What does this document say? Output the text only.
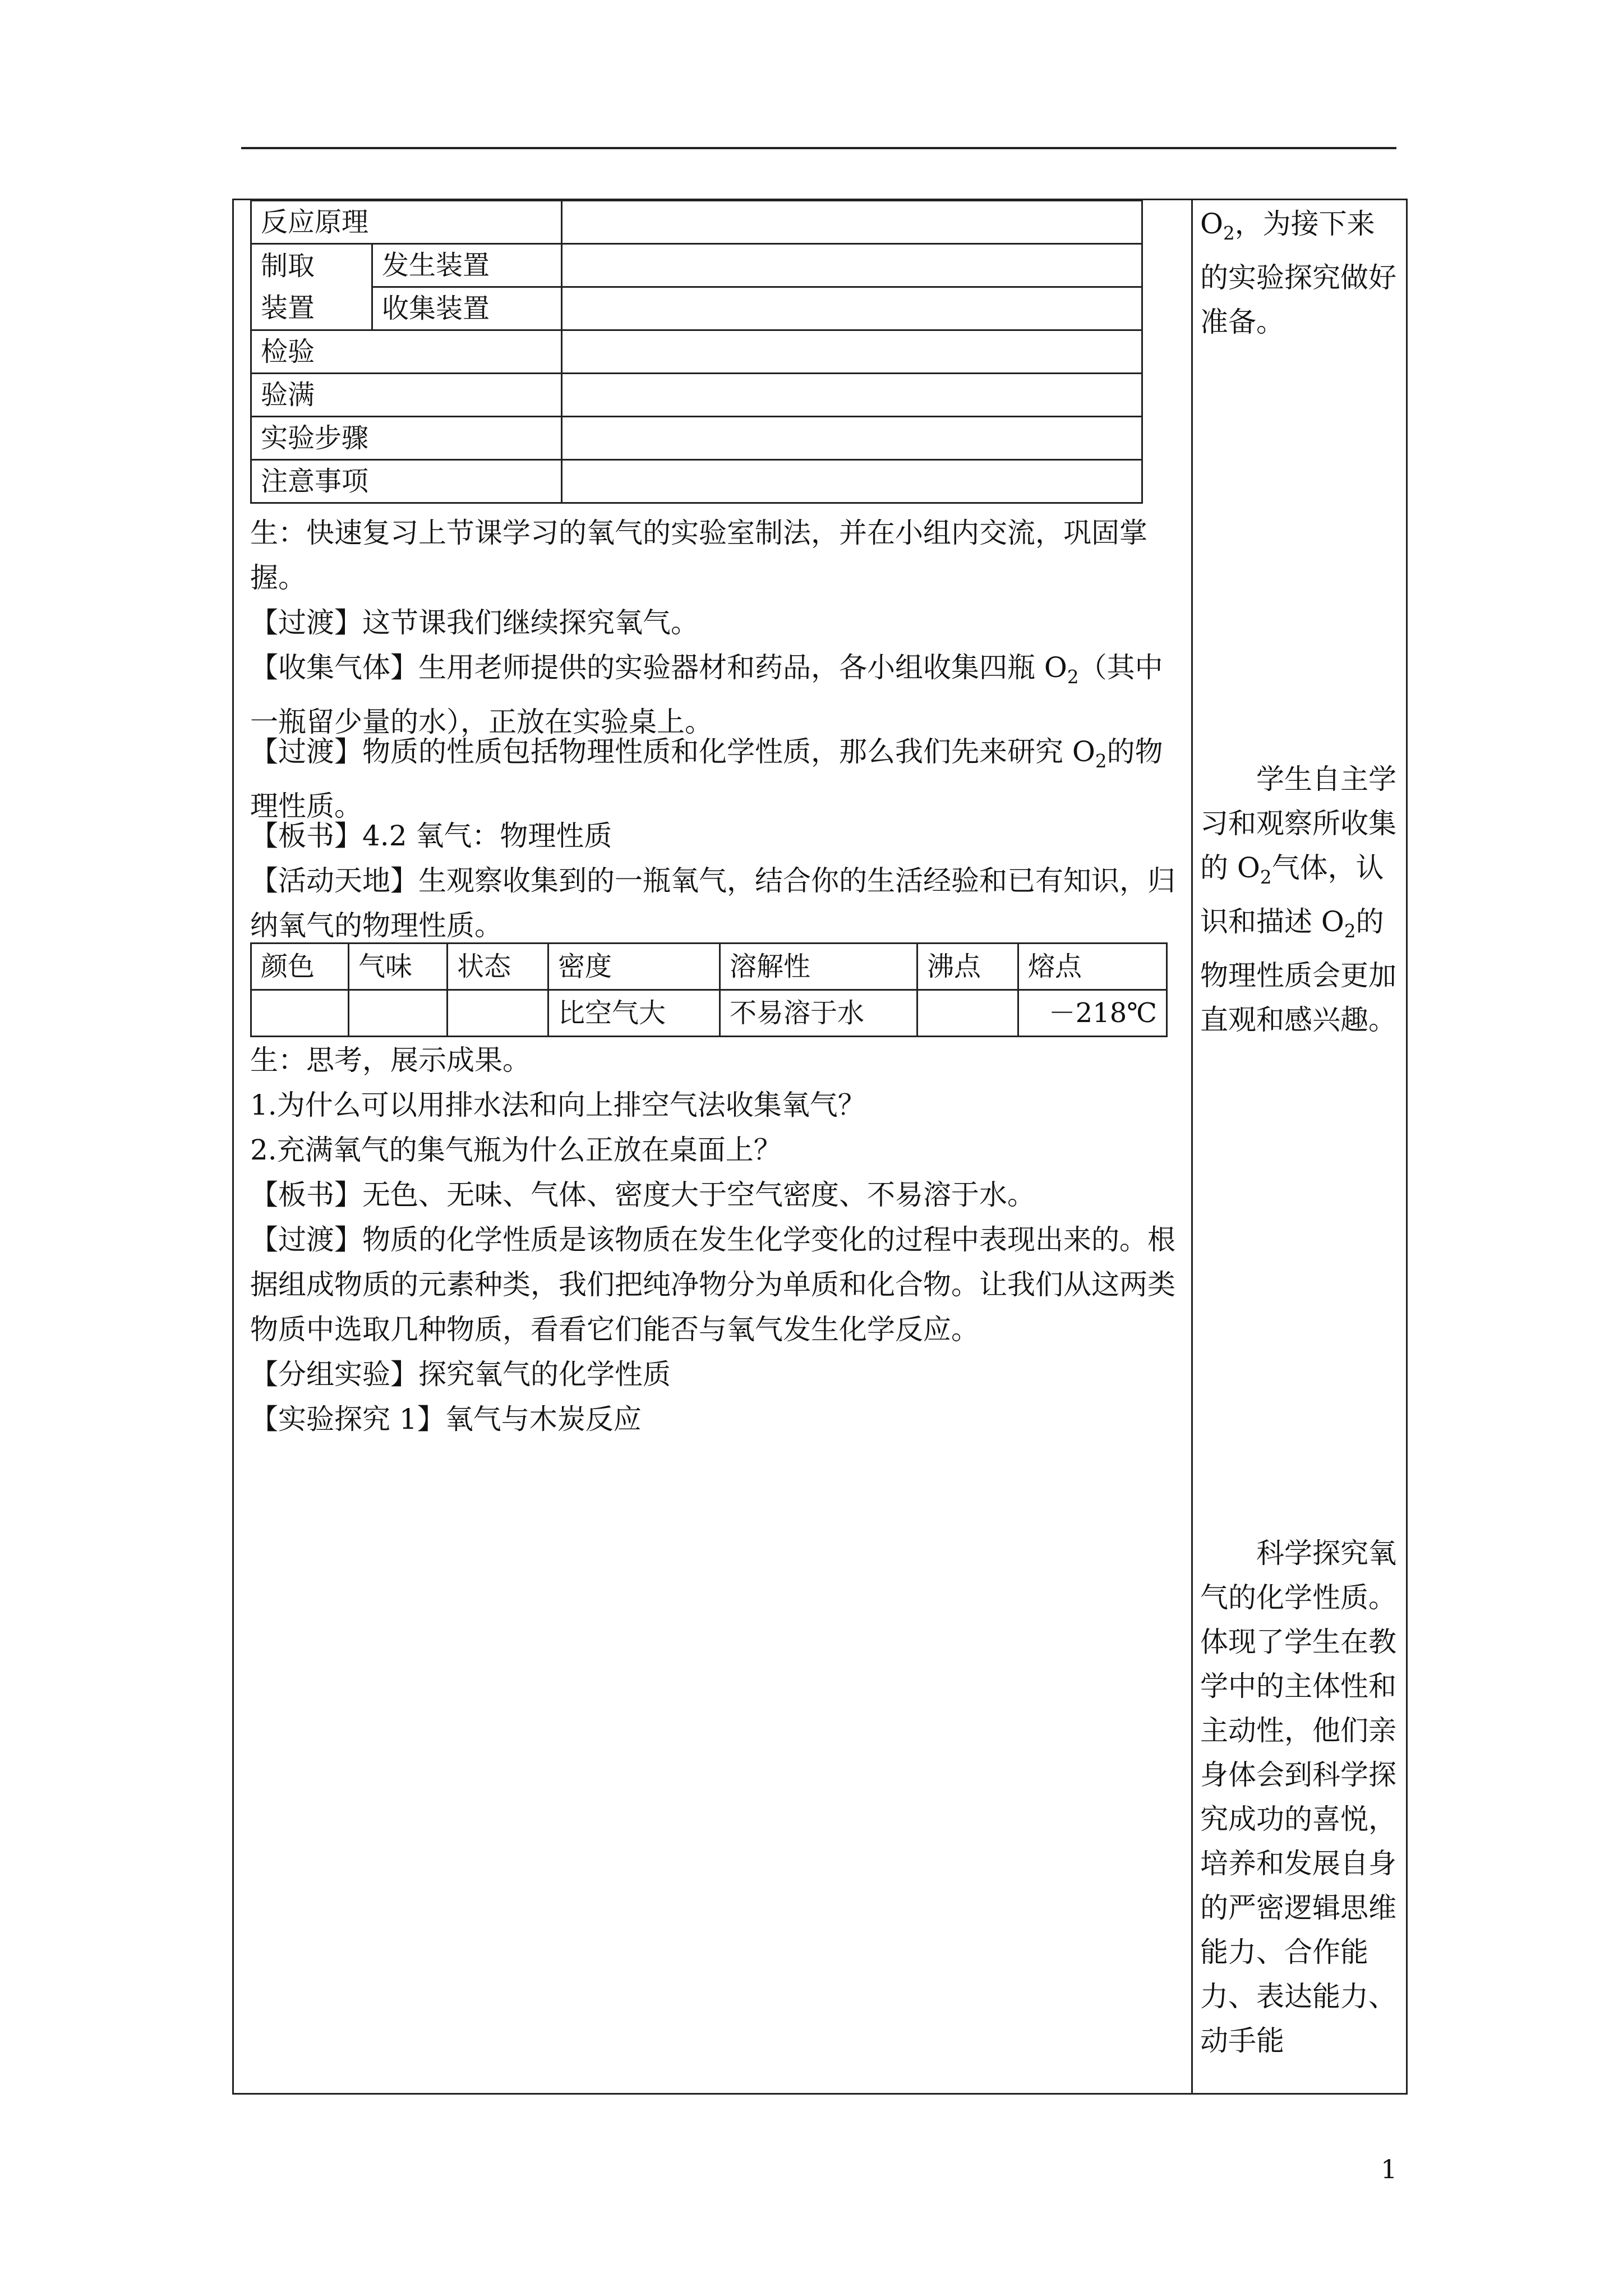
反应原理		
制取	发生装置	
装置	收集装置	
检验		
验满		
实验步骤		
注意事项		

生：快速复习上节课学习的氧气的实验室制法，并在小组内交流，巩固掌握。

【过渡】这节课我们继续探究氧气。

【收集气体】生用老师提供的实验器材和药品，各小组收集四瓶 $O_2$（其中一瓶留少量的水），正放在实验桌上。

【过渡】物质的性质包括物理性质和化学性质，那么我们先来研究 $O_2$的物理性质。

【板书】4.2 氧气：物理性质

【活动天地】生观察收集到的一瓶氧气，结合你的生活经验和已有知识，归纳氧气的物理性质。

颜色	气味	状态	密度	溶解性	沸点	熔点
			比空气大	不易溶于水		－218℃

生：思考，展示成果。

1.为什么可以用排水法和向上排空气法收集氧气？

2.充满氧气的集气瓶为什么正放在桌面上？

【板书】无色、无味、气体、密度大于空气密度、不易溶于水。

【过渡】物质的化学性质是该物质在发生化学变化的过程中表现出来的。根据组成物质的元素种类，我们把纯净物分为单质和化合物。让我们从这两类物质中选取几种物质，看看它们能否与氧气发生化学反应。

【分组实验】探究氧气的化学性质

【实验探究 1】氧气与木炭反应

$O_2$，为接下来的实验探究做好准备。

学生自主学习和观察所收集的 $O_2$气体，认识和描述 $O_2$的物理性质会更加直观和感兴趣。

科学探究氧气的化学性质。体现了学生在教学中的主体性和主动性，他们亲身体会到科学探究成功的喜悦，培养和发展自身的严密逻辑思维能力、合作能力、表达能力、动手能

1
